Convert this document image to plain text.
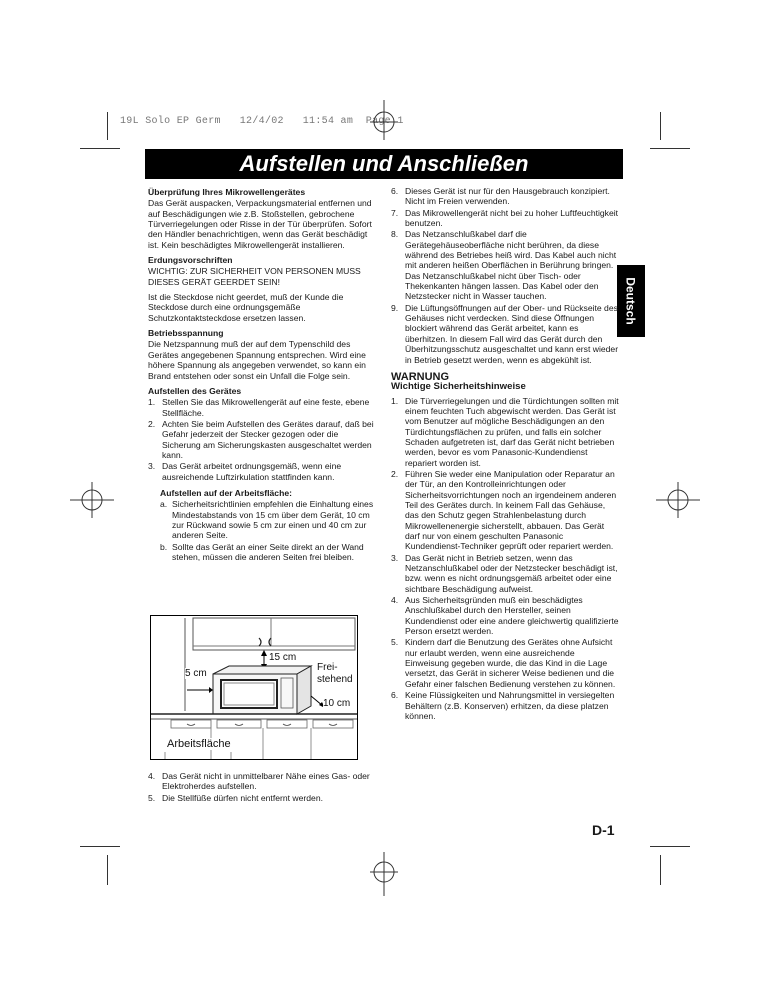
19L Solo EP Germ 12/4/02 11:54 am Page 1
Aufstellen und Anschließen
Deutsch
Überprüfung Ihres Mikrowellengerätes

Das Gerät auspacken, Verpackungsmaterial entfernen und auf Beschädigungen wie z.B. Stoßstellen, gebrochene Türverriegelungen oder Risse in der Tür überprüfen. Sofort den Händler benachrichtigen, wenn das Gerät beschädigt ist. Kein beschädigtes Mikrowellengerät installieren.

Erdungsvorschriften

WICHTIG: ZUR SICHERHEIT VON PERSONEN MUSS DIESES GERÄT GEERDET SEIN!

Ist die Steckdose nicht geerdet, muß der Kunde die Steckdose durch eine ordnungsgemäße Schutzkontaktsteckdose ersetzen lassen.

Betriebsspannung

Die Netzspannung muß der auf dem Typenschild des Gerätes angegebenen Spannung entsprechen. Wird eine höhere Spannung als angegeben verwendet, so kann ein Brand entstehen oder sonst ein Unfall die Folge sein.

Aufstellen des Gerätes
1. Stellen Sie das Mikrowellengerät auf eine feste, ebene Stellfläche.
2. Achten Sie beim Aufstellen des Gerätes darauf, daß bei Gefahr jederzeit der Stecker gezogen oder die Sicherung am Sicherungskasten ausgeschaltet werden kann.
3. Das Gerät arbeitet ordnungsgemäß, wenn eine ausreichende Luftzirkulation stattfinden kann.
Aufstellen auf der Arbeitsfläche:
a. Sicherheitsrichtlinien empfehlen die Einhaltung eines Mindestabstands von 15 cm über dem Gerät, 10 cm zur Rückwand sowie 5 cm zur einen und 40 cm zur anderen Seite.
b. Sollte das Gerät an einer Seite direkt an der Wand stehen, müssen die anderen Seiten frei bleiben.
15 cm
5 cm
Frei-
stehend
10 cm
Arbeitsfläche
4. Das Gerät nicht in unmittelbarer Nähe eines Gas- oder Elektroherdes aufstellen.
5. Die Stellfüße dürfen nicht entfernt werden.
6. Dieses Gerät ist nur für den Hausgebrauch konzipiert. Nicht im Freien verwenden.
7. Das Mikrowellengerät nicht bei zu hoher Luftfeuchtigkeit benutzen.
8. Das Netzanschlußkabel darf die Gerätegehäuseoberfläche nicht berühren, da diese während des Betriebes heiß wird. Das Kabel auch nicht mit anderen heißen Oberflächen in Berührung bringen. Das Netzanschlußkabel nicht über Tisch- oder Thekenkanten hängen lassen. Das Kabel oder den Netzstecker nicht in Wasser tauchen.
9. Die Lüftungsöffnungen auf der Ober- und Rückseite des Gehäuses nicht verdecken. Sind diese Öffnungen blockiert während das Gerät arbeitet, kann es überhitzen. In diesem Fall wird das Gerät durch den Überhitzungsschutz ausgeschaltet und kann erst wieder in Betrieb gesetzt werden, wenn es abgekühlt ist.
WARNUNG
Wichtige Sicherheitshinweise
1. Die Türverriegelungen und die Türdichtungen sollten mit einem feuchten Tuch abgewischt werden. Das Gerät ist vom Benutzer auf mögliche Beschädigungen an den Türdichtungsflächen zu prüfen, und falls ein solcher Schaden aufgetreten ist, darf das Gerät nicht betrieben werden, bevor es vom Panasonic-Kundendienst repariert worden ist.
2. Führen Sie weder eine Manipulation oder Reparatur an der Tür, an den Kontrolleinrichtungen oder Sicherheitsvorrichtungen noch an irgendeinem anderen Teil des Gerätes durch. In keinem Fall das Gehäuse, das den Schutz gegen Strahlenbelastung durch Mikrowellenenergie sicherstellt, abbauen. Das Gerät darf nur von einem geschulten Panasonic Kundendienst-Techniker geprüft oder repariert werden.
3. Das Gerät nicht in Betrieb setzen, wenn das Netzanschlußkabel oder der Netzstecker beschädigt ist, bzw. wenn es nicht ordnungsgemäß arbeitet oder eine sichtbare Beschädigung aufweist.
4. Aus Sicherheitsgründen muß ein beschädigtes Anschlußkabel durch den Hersteller, seinen Kundendienst oder eine andere gleichwertig qualifizierte Person ersetzt werden.
5. Kindern darf die Benutzung des Gerätes ohne Aufsicht nur erlaubt werden, wenn eine ausreichende Einweisung gegeben wurde, die das Kind in die Lage versetzt, das Gerät in sicherer Weise bedienen und die Gefahr einer falschen Bedienung verstehen zu können.
6. Keine Flüssigkeiten und Nahrungsmittel in versiegelten Behältern (z.B. Konserven) erhitzen, da diese platzen können.
D-1
